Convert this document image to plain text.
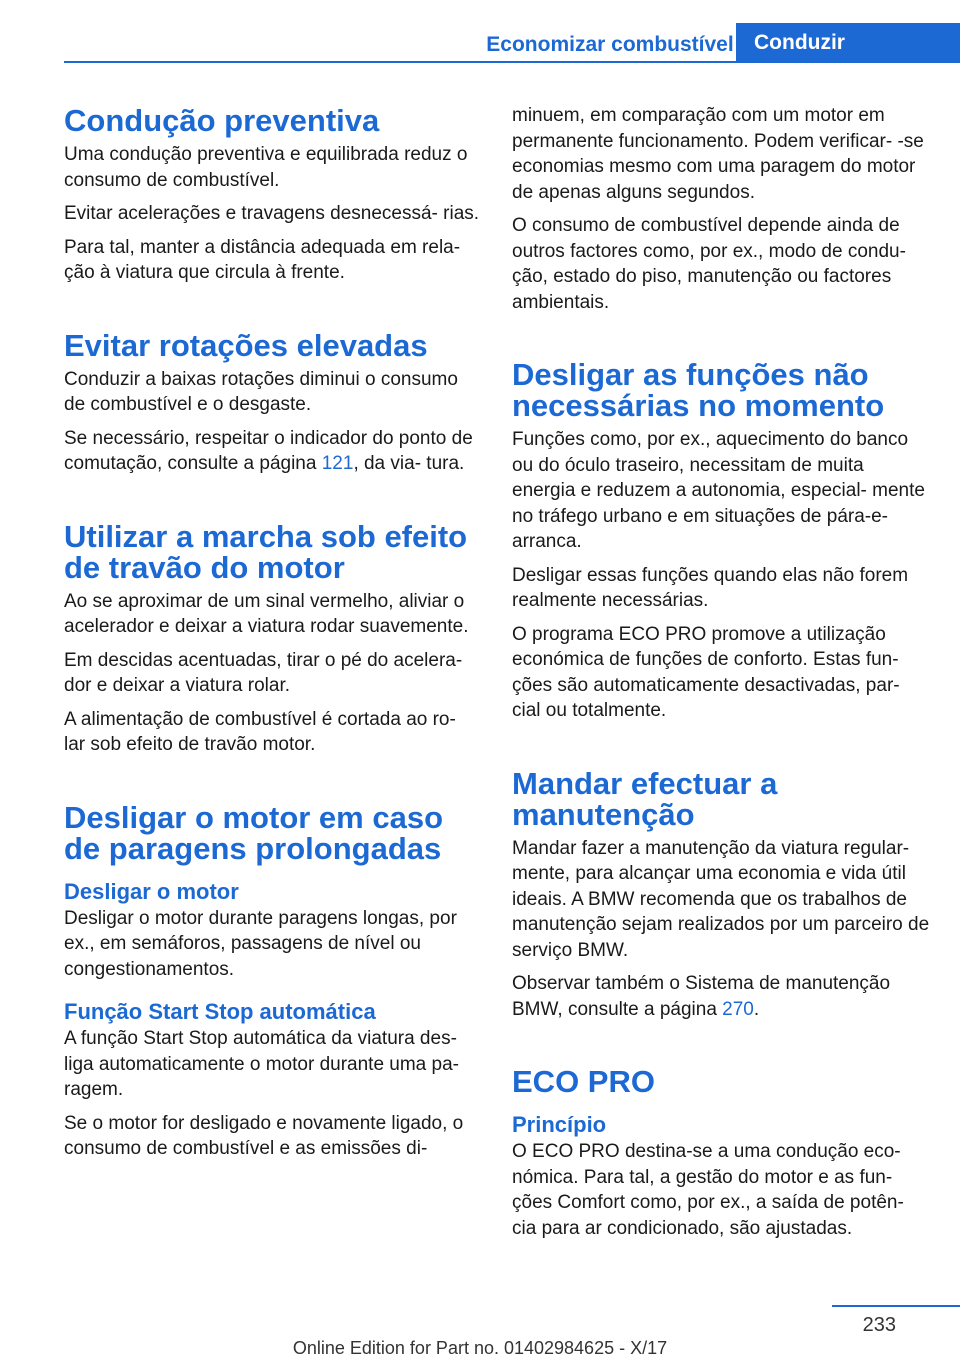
Economizar combustível Conduzir
Condução preventiva

Uma condução preventiva e equilibrada reduz o consumo de combustível.

Evitar acelerações e travagens desnecessá- rias.

Para tal, manter a distância adequada em rela- ção à viatura que circula à frente.

Evitar rotações elevadas

Conduzir a baixas rotações diminui o consumo de combustível e o desgaste.

Se necessário, respeitar o indicador do ponto de comutação, consulte a página 121, da via- tura.

Utilizar a marcha sob efeito de travão do motor

Ao se aproximar de um sinal vermelho, aliviar o acelerador e deixar a viatura rodar suavemente.

Em descidas acentuadas, tirar o pé do acelera- dor e deixar a viatura rolar.

A alimentação de combustível é cortada ao ro- lar sob efeito de travão motor.

Desligar o motor em caso de paragens prolongadas
Desligar o motor

Desligar o motor durante paragens longas, por ex., em semáforos, passagens de nível ou congestionamentos.

Função Start Stop automática

A função Start Stop automática da viatura des- liga automaticamente o motor durante uma pa- ragem.

Se o motor for desligado e novamente ligado, o consumo de combustível e as emissões di-

minuem, em comparação com um motor em permanente funcionamento. Podem verificar- -se economias mesmo com uma paragem do motor de apenas alguns segundos.

O consumo de combustível depende ainda de outros factores como, por ex., modo de condu- ção, estado do piso, manutenção ou factores ambientais.

Desligar as funções não necessárias no momento

Funções como, por ex., aquecimento do banco ou do óculo traseiro, necessitam de muita energia e reduzem a autonomia, especial- mente no tráfego urbano e em situações de pára-e-arranca.

Desligar essas funções quando elas não forem realmente necessárias.

O programa ECO PRO promove a utilização económica de funções de conforto. Estas fun- ções são automaticamente desactivadas, par- cial ou totalmente.

Mandar efectuar a manutenção

Mandar fazer a manutenção da viatura regular- mente, para alcançar uma economia e vida útil ideais. A BMW recomenda que os trabalhos de manutenção sejam realizados por um parceiro de serviço BMW.

Observar também o Sistema de manutenção BMW, consulte a página 270.

ECO PRO
Princípio

O ECO PRO destina-se a uma condução eco- nómica. Para tal, a gestão do motor e as fun- ções Comfort como, por ex., a saída de potên- cia para ar condicionado, são ajustadas.

233
Online Edition for Part no. 01402984625 - X/17
